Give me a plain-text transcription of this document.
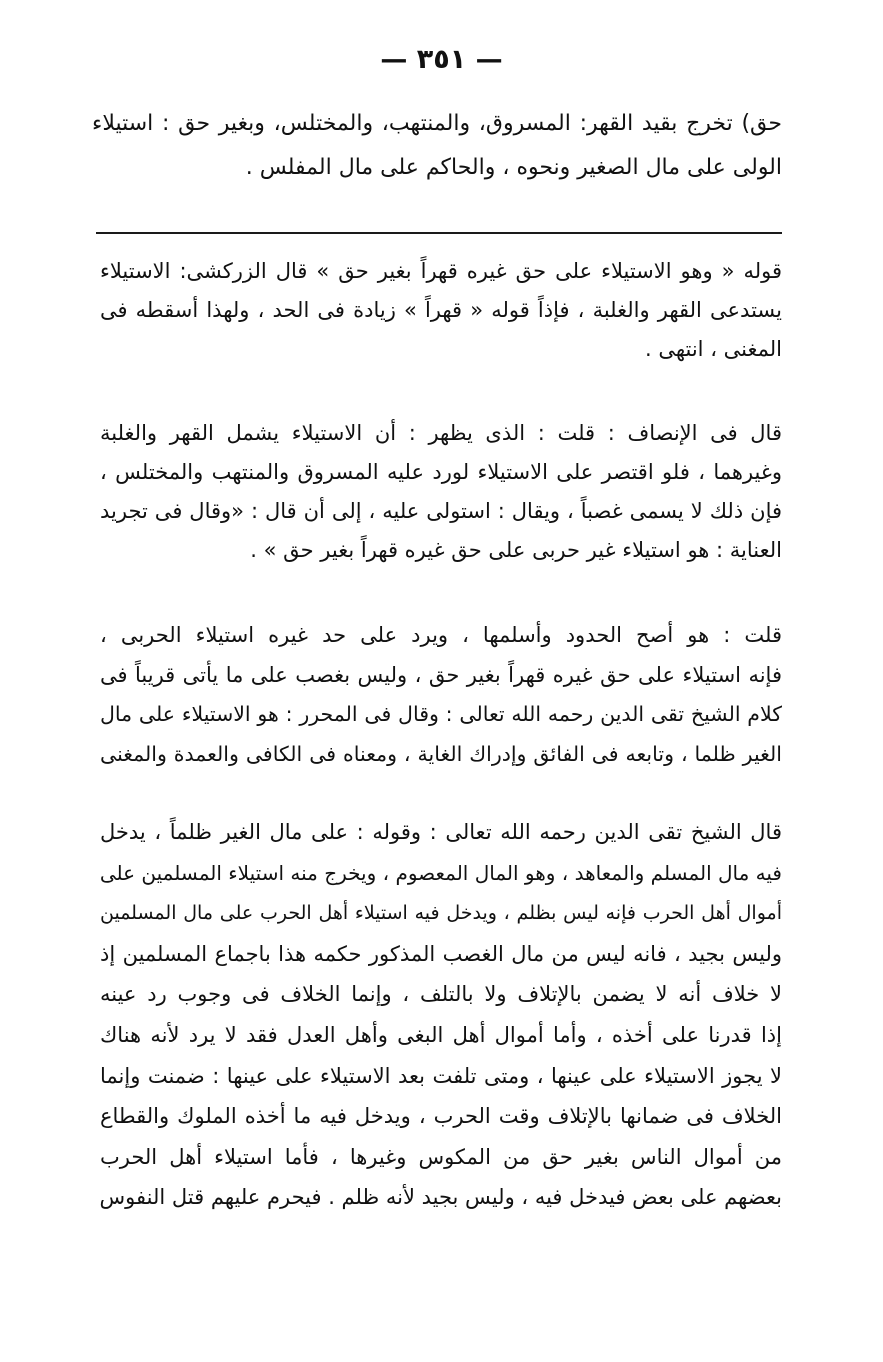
— ٣٥١ —
حق) تخرج بقيد القهر: المسروق، والمنتهب، والمختلس، وبغير حق : استيلاء
الولى على مال الصغير ونحوه ، والحاكم على مال المفلس .
قوله « وهو الاستيلاء على حق غيره قهراً بغير حق » قال الزركشى: الاستيلاء
يستدعى القهر والغلبة ، فإذاً قوله « قهراً » زيادة فى الحد ، ولهذا أسقطه فى
المغنى ، انتهى .
قال فى الإنصاف : قلت : الذى يظهر : أن الاستيلاء يشمل القهر والغلبة
وغيرهما ، فلو اقتصر على الاستيلاء لورد عليه المسروق والمنتهب والمختلس ،
فإن ذلك لا يسمى غصباً ، ويقال : استولى عليه ، إلى أن قال : «وقال فى تجريد
العناية : هو استيلاء غير حربى على حق غيره قهراً بغير حق » .
قلت : هو أصح الحدود وأسلمها ، ويرد على حد غيره استيلاء الحربى ،
فإنه استيلاء على حق غيره قهراً بغير حق ، وليس بغصب على ما يأتى قريباً فى
كلام الشيخ تقى الدين رحمه الله تعالى : وقال فى المحرر : هو الاستيلاء على مال
الغير ظلما ، وتابعه فى الفائق وإدراك الغاية ، ومعناه فى الكافى والعمدة والمغنى
قال الشيخ تقى الدين رحمه الله تعالى : وقوله : على مال الغير ظلماً ، يدخل
فيه مال المسلم والمعاهد ، وهو المال المعصوم ، ويخرج منه استيلاء المسلمين على
أموال أهل الحرب فإنه ليس بظلم ، ويدخل فيه استيلاء أهل الحرب على مال المسلمين
وليس بجيد ، فانه ليس من مال الغصب المذكور حكمه هذا باجماع المسلمين إذ
لا خلاف أنه لا يضمن بالإتلاف ولا بالتلف ، وإنما الخلاف فى وجوب رد عينه
إذا قدرنا على أخذه ، وأما أموال أهل البغى وأهل العدل فقد لا يرد لأنه هناك
لا يجوز الاستيلاء على عينها ، ومتى تلفت بعد الاستيلاء على عينها : ضمنت وإنما
الخلاف فى ضمانها بالإتلاف وقت الحرب ، ويدخل فيه ما أخذه الملوك والقطاع
من أموال الناس بغير حق من المكوس وغيرها ، فأما استيلاء أهل الحرب
بعضهم على بعض فيدخل فيه ، وليس بجيد لأنه ظلم . فيحرم عليهم قتل النفوس
